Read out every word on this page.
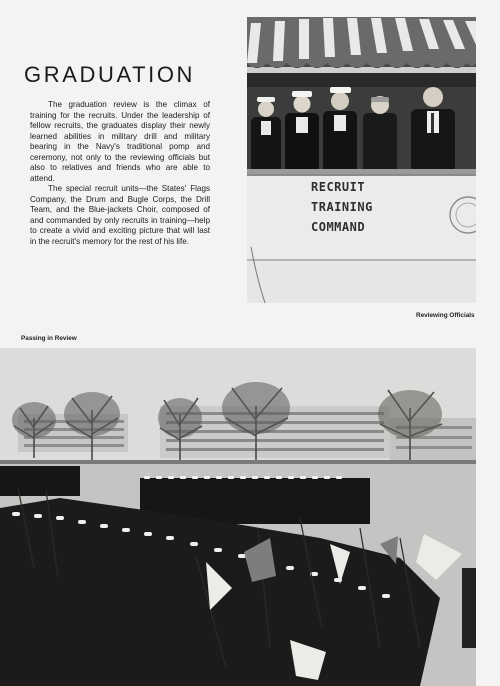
GRADUATION

The graduation review is the climax of training for the recruits. Under the leadership of fellow recruits, the graduates display their newly learned abilities in military drill and military bearing in the Navy's traditional pomp and ceremony, not only to the reviewing officials but also to relatives and friends who are able to attend.

The special recruit units—the States' Flags Company, the Drum and Bugle Corps, the Drill Team, and the Blue-jackets Choir, composed of and commanded by only recruits in training—help to create a vivid and exciting picture that will last in the recruit's memory for the rest of his life.

RECRUIT
TRAINING
COMMAND
Reviewing Officials
Passing in Review
